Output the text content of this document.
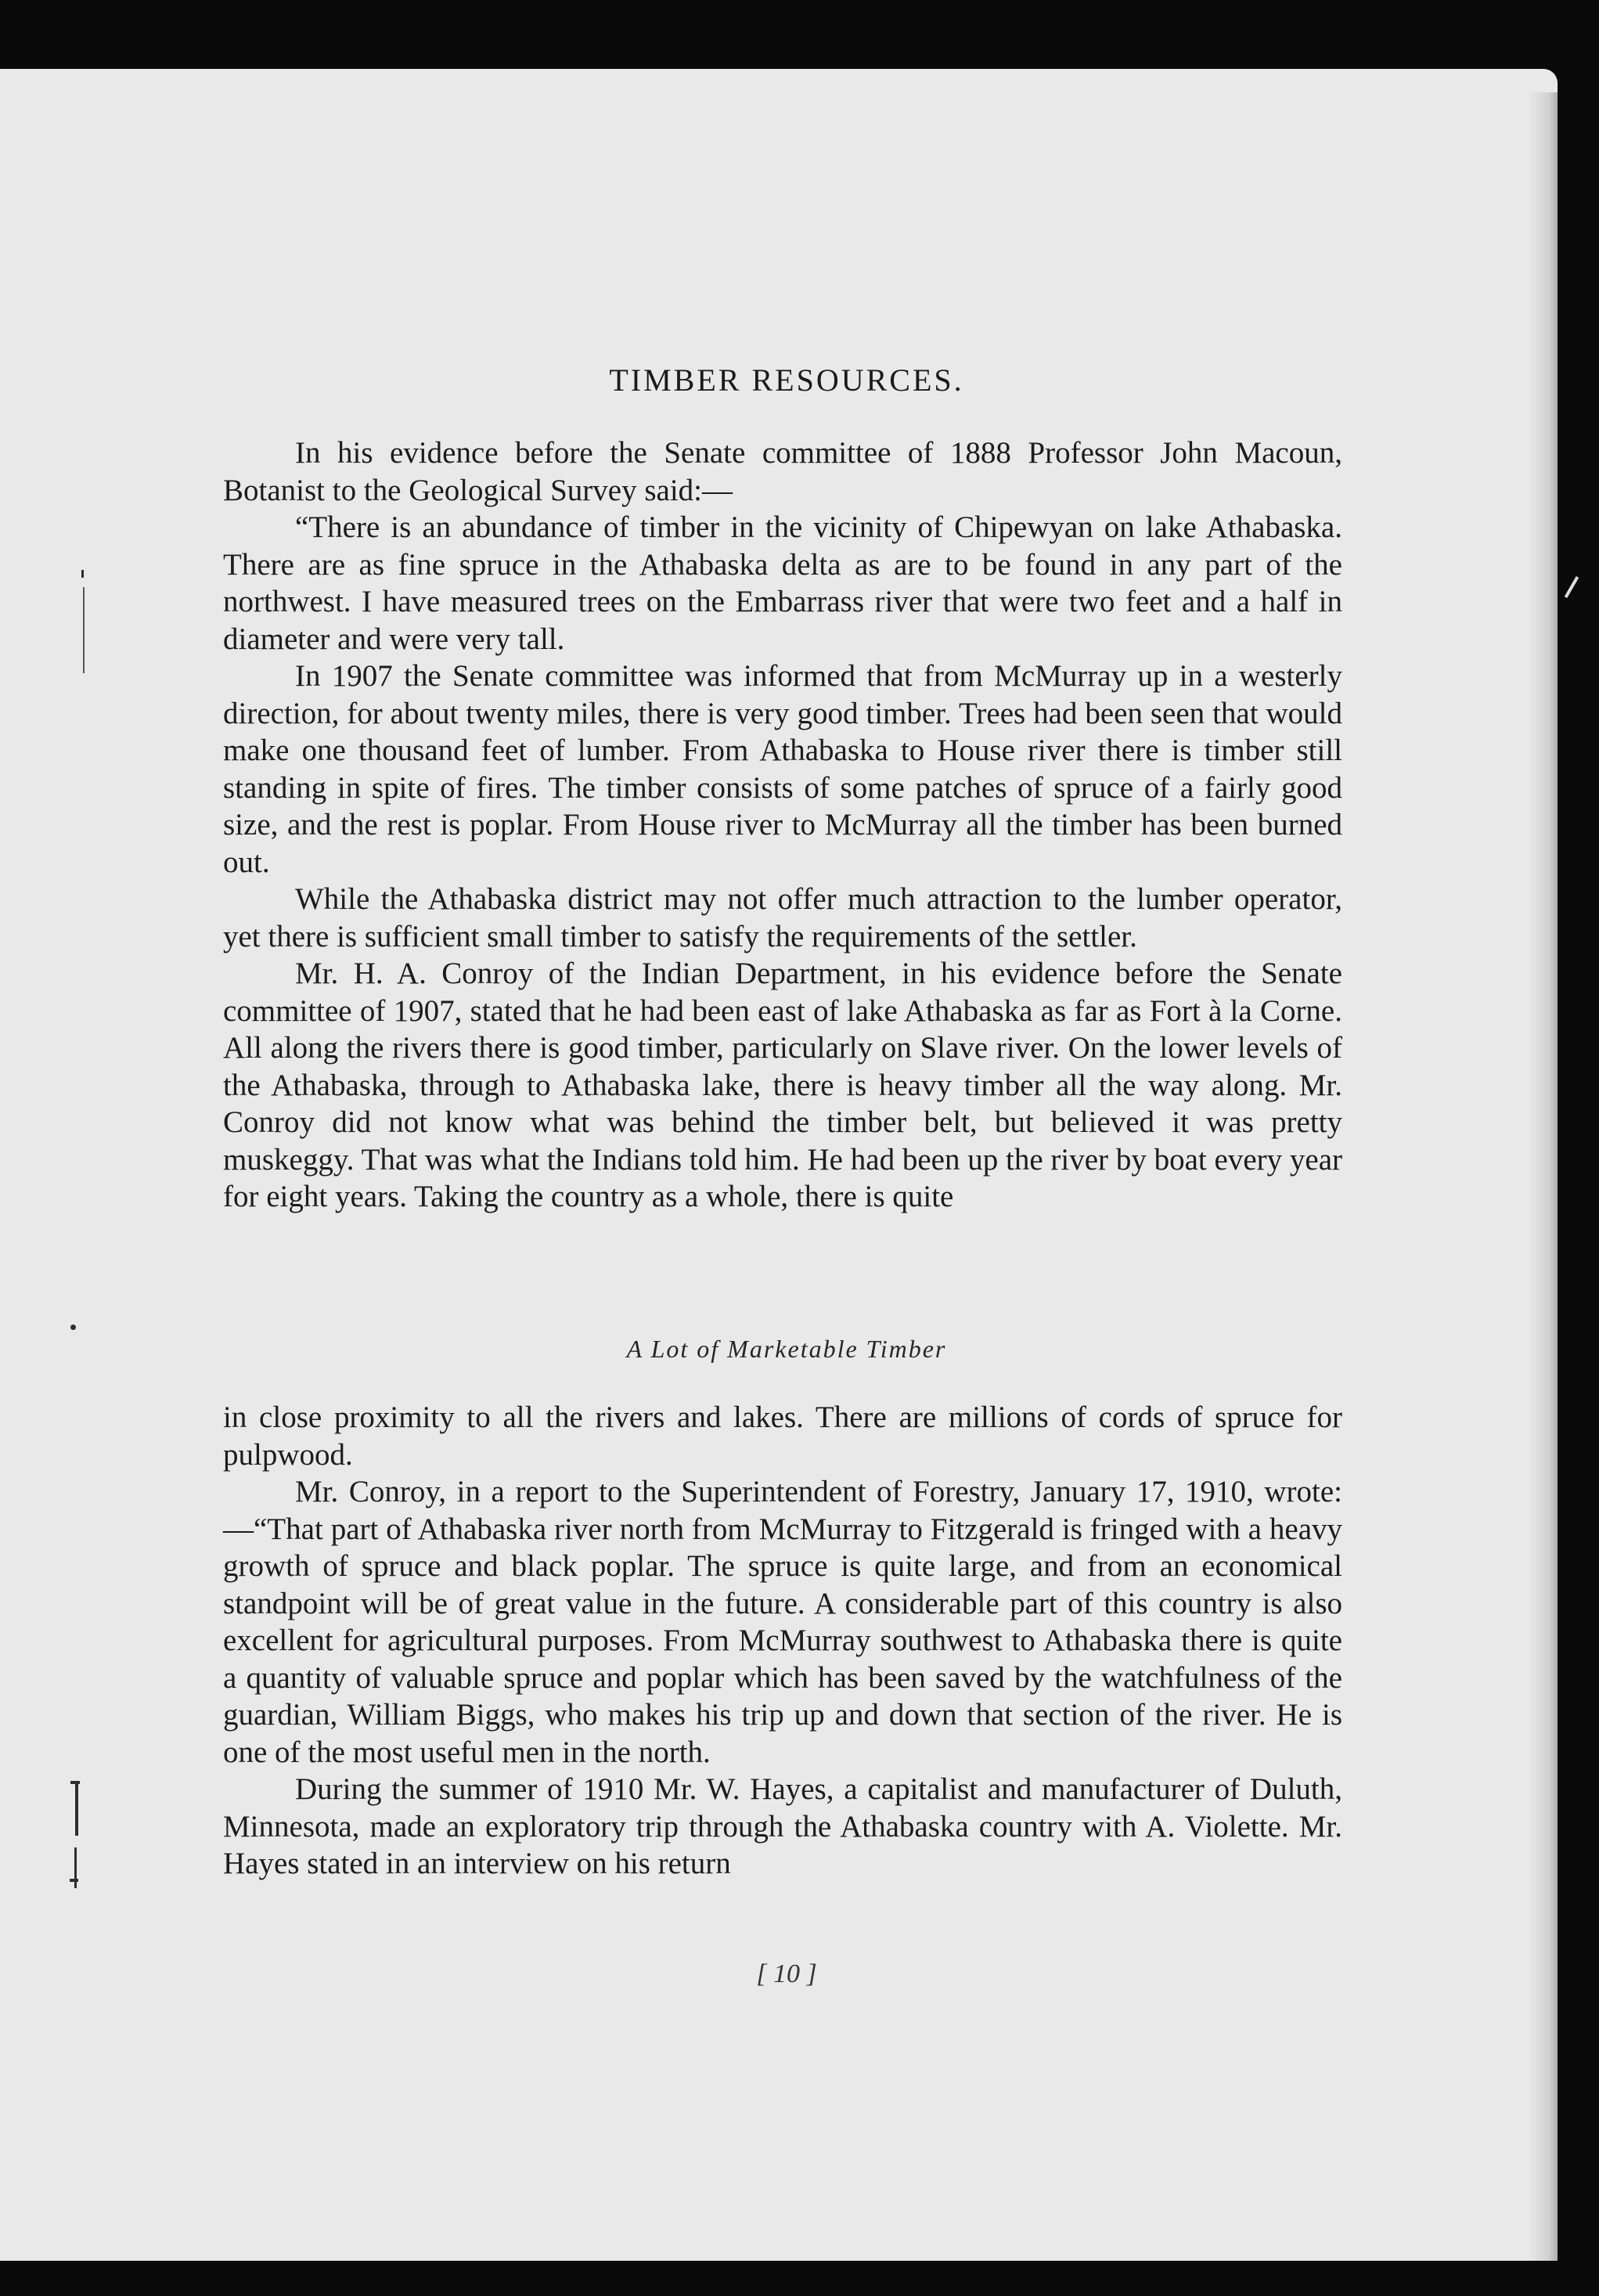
TIMBER RESOURCES.

In his evidence before the Senate committee of 1888 Professor John Macoun, Botanist to the Geological Survey said:—

“There is an abundance of timber in the vicinity of Chipewyan on lake Athabaska. There are as fine spruce in the Athabaska delta as are to be found in any part of the northwest. I have measured trees on the Embarrass river that were two feet and a half in diameter and were very tall.

In 1907 the Senate committee was informed that from McMurray up in a westerly direction, for about twenty miles, there is very good timber. Trees had been seen that would make one thousand feet of lumber. From Athabaska to House river there is timber still standing in spite of fires. The timber consists of some patches of spruce of a fairly good size, and the rest is poplar. From House river to McMurray all the timber has been burned out.

While the Athabaska district may not offer much attraction to the lumber operator, yet there is sufficient small timber to satisfy the requirements of the settler.

Mr. H. A. Conroy of the Indian Department, in his evidence before the Senate committee of 1907, stated that he had been east of lake Athabaska as far as Fort à la Corne. All along the rivers there is good timber, particularly on Slave river. On the lower levels of the Athabaska, through to Athabaska lake, there is heavy timber all the way along. Mr. Conroy did not know what was behind the timber belt, but believed it was pretty muskeggy. That was what the Indians told him. He had been up the river by boat every year for eight years. Taking the country as a whole, there is quite

A Lot of Marketable Timber

in close proximity to all the rivers and lakes. There are millions of cords of spruce for pulpwood.

Mr. Conroy, in a report to the Superintendent of Forestry, January 17, 1910, wrote:—“That part of Athabaska river north from McMurray to Fitzgerald is fringed with a heavy growth of spruce and black poplar. The spruce is quite large, and from an economical standpoint will be of great value in the future. A considerable part of this country is also excellent for agricultural purposes. From McMurray southwest to Athabaska there is quite a quantity of valuable spruce and poplar which has been saved by the watchfulness of the guardian, William Biggs, who makes his trip up and down that section of the river. He is one of the most useful men in the north.

During the summer of 1910 Mr. W. Hayes, a capitalist and manufacturer of Duluth, Minnesota, made an exploratory trip through the Athabaska country with A. Violette. Mr. Hayes stated in an interview on his return

[ 10 ]
